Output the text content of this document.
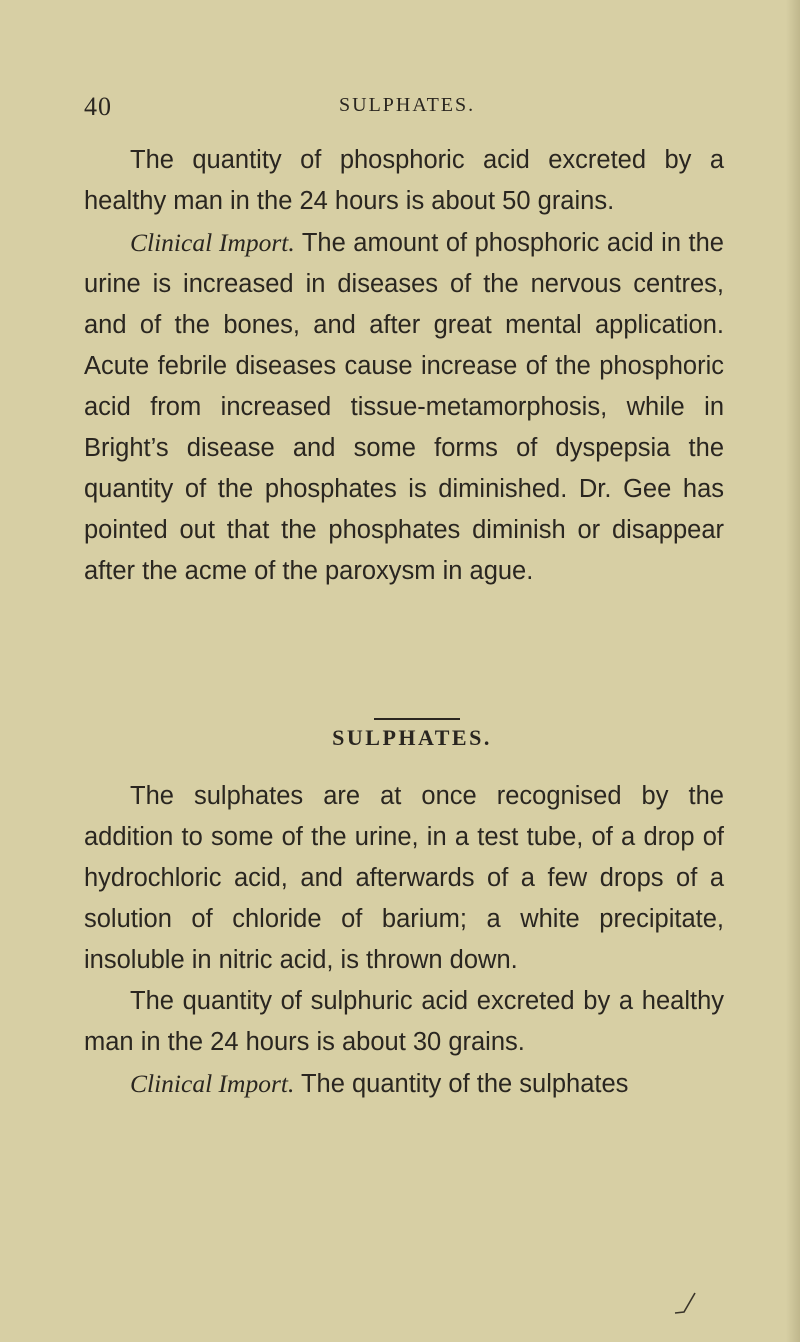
40	SULPHATES.

The quantity of phosphoric acid excreted by a healthy man in the 24 hours is about 50 grains.

Clinical Import. The amount of phosphoric acid in the urine is increased in diseases of the nervous centres, and of the bones, and after great mental application. Acute febrile diseases cause increase of the phosphoric acid from increased tissue-metamorphosis, while in Bright’s disease and some forms of dyspepsia the quantity of the phosphates is diminished. Dr. Gee has pointed out that the phosphates diminish or disappear after the acme of the paroxysm in ague.

SULPHATES.

The sulphates are at once recognised by the addition to some of the urine, in a test tube, of a drop of hydrochloric acid, and afterwards of a few drops of a solution of chloride of barium; a white precipitate, insoluble in nitric acid, is thrown down.

The quantity of sulphuric acid excreted by a healthy man in the 24 hours is about 30 grains.

Clinical Import. The quantity of the sulphates
